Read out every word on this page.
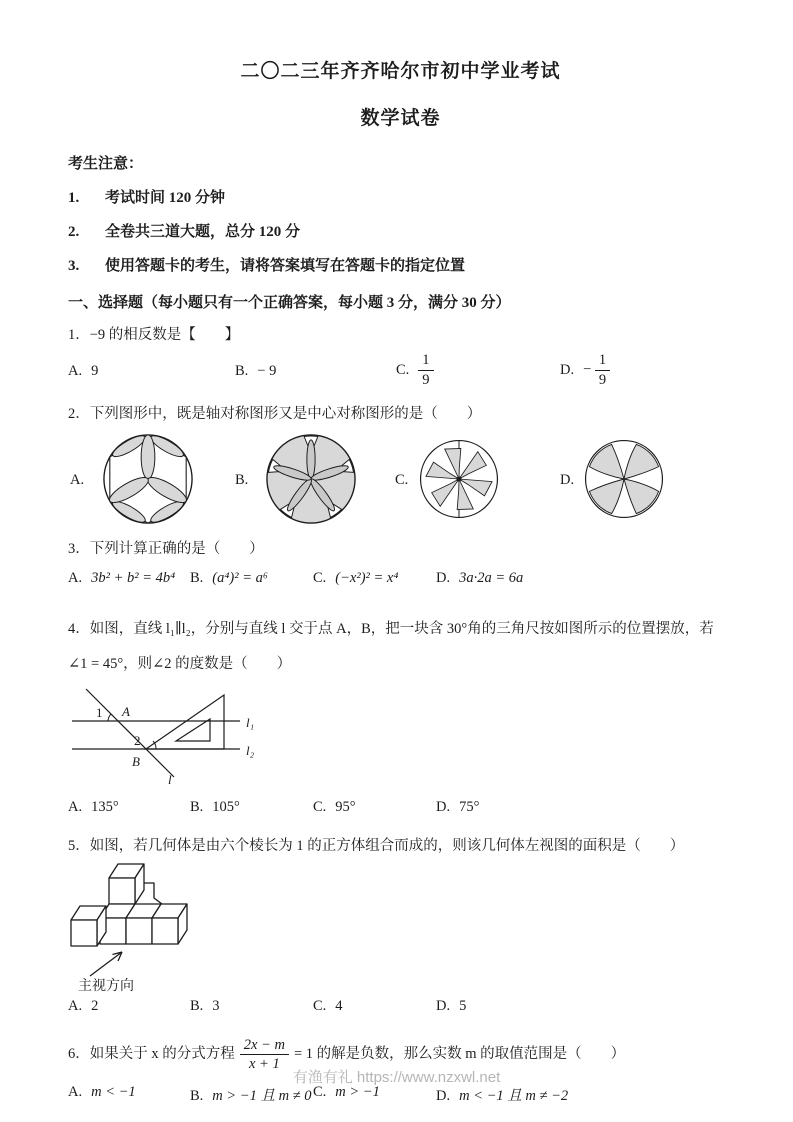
二〇二三年齐齐哈尔市初中学业考试
数学试卷
考生注意：
1. 考试时间 120 分钟
2. 全卷共三道大题，总分 120 分
3. 使用答题卡的考生，请将答案填写在答题卡的指定位置
一、选择题（每小题只有一个正确答案，每小题 3 分，满分 30 分）
1．−9 的相反数是【　　】
A. 9	B. − 9	C. $\frac{1}{9}$	D. − $\frac{1}{9}$
2．下列图形中，既是轴对称图形又是中心对称图形的是（　　）
A.	B.	C.	D.
3．下列计算正确的是（　　）
A. 3b² + b² = 4b⁴ B. (a⁴)² = a⁶	C. (−x²)² = x⁴	D. 3a·2a = 6a
4．如图，直线 l₁∥l₂，分别与直线 l 交于点 A，B，把一块含 30°角的三角尺按如图所示的位置摆放，若∠1 = 45°，则∠2 的度数是（　　）
1 A
2
B
l
l₁
l₂
A. 135°	B. 105°	C. 95°	D. 75°
5．如图，若几何体是由六个棱长为 1 的正方体组合而成的，则该几何体左视图的面积是（　　）
主视方向
A. 2	B. 3	C. 4	D. 5
6．如果关于 x 的分式方程 $\frac{2x - m}{x + 1} = 1$ 的解是负数，那么实数 m 的取值范围是（　　）
A. m < −1	B. m > −1 且 m ≠ 0 C. m > −1	D. m < −1 且 m ≠ −2
有渔有礼 https://www.nzxwl.net
